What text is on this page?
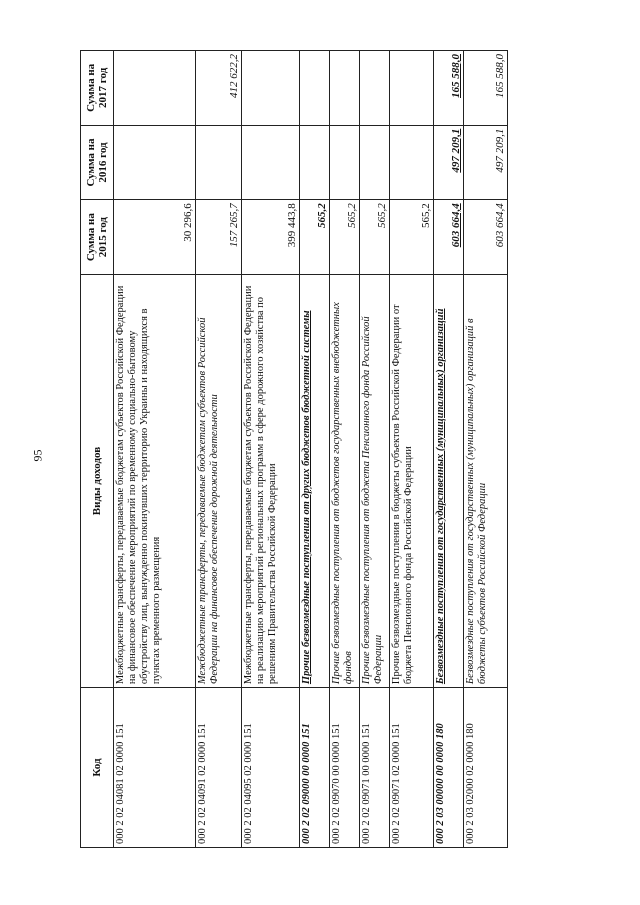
95
Код	Виды доходов	Сумма на 2015 год	Сумма на 2016 год	Сумма на 2017 год
000 2 02 04081 02 0000 151	Межбюджетные трансферты, передаваемые бюджетам субъектов Российской Федерации на финансовое обеспечение мероприятий по временному социально-бытовому обустройству лиц, вынужденно покинувших территорию Украины и находящихся в пунктах временного размещения	30 296,6		
000 2 02 04091 02 0000 151	Межбюджетные трансферты, передаваемые бюджетам субъектов Российской Федерации на финансовое обеспечение дорожной деятельности	157 265,7		412 622,2
000 2 02 04095 02 0000 151	Межбюджетные трансферты, передаваемые бюджетам субъектов Российской Федерации на реализацию мероприятий региональных программ в сфере дорожного хозяйства по решениям Правительства Российской Федерации	399 443,8		
000 2 02 09000 00 0000 151	Прочие безвозмездные поступления от других бюджетов бюджетной системы	565,2		
000 2 02 09070 00 0000 151	Прочие безвозмездные поступления от бюджетов государственных внебюджетных фондов	565,2		
000 2 02 09071 00 0000 151	Прочие безвозмездные поступления от бюджета Пенсионного фонда Российской Федерации	565,2		
000 2 02 09071 02 0000 151	Прочие безвозмездные поступления в бюджеты субъектов Российской Федерации от бюджета Пенсионного фонда Российской Федерации	565,2		
000 2 03 00000 00 0000 180	Безвозмездные поступления от государственных (муниципальных) организаций	603 664,4	497 209,1	165 588,0
000 2 03 02000 02 0000 180	Безвозмездные поступления от государственных (муниципальных) организаций в бюджеты субъектов Российской Федерации	603 664,4	497 209,1	165 588,0
